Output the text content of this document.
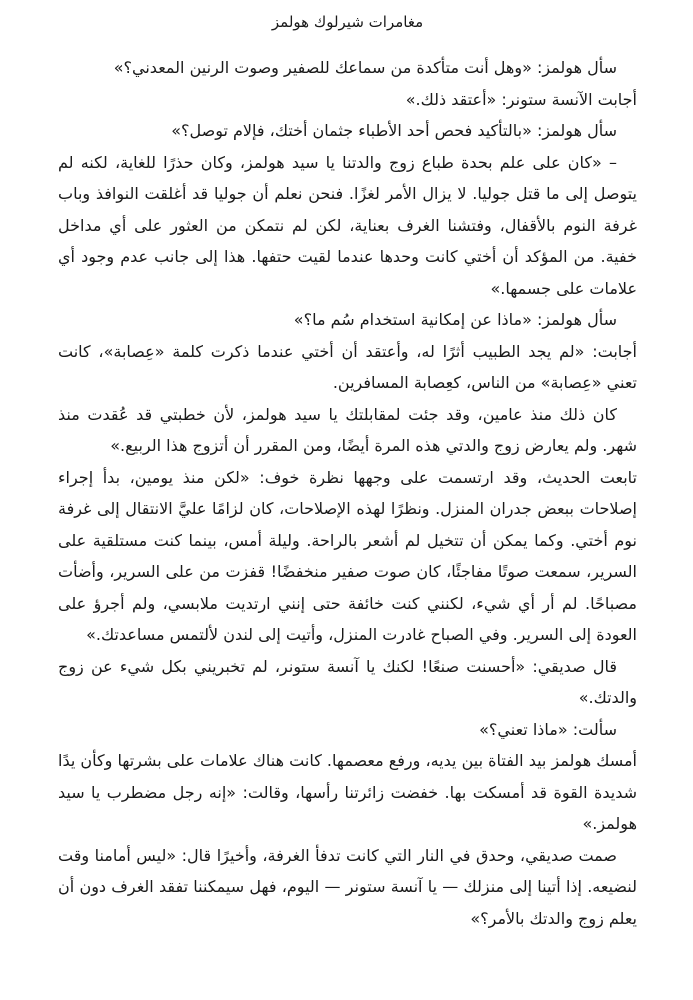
مغامرات شيرلوك هولمز

سأل هولمز: «وهل أنت متأكدة من سماعك للصفير وصوت الرنين المعدني؟»

أجابت الآنسة ستونر: «أعتقد ذلك.»

سأل هولمز: «بالتأكيد فحص أحد الأطباء جثمان أختك، فإلام توصل؟»

– «كان على علم بحدة طباع زوج والدتنا يا سيد هولمز، وكان حذرًا للغاية، لكنه لم يتوصل إلى ما قتل جوليا. لا يزال الأمر لغزًا. فنحن نعلم أن جوليا قد أغلقت النوافذ وباب غرفة النوم بالأقفال، وفتشنا الغرف بعناية، لكن لم نتمكن من العثور على أي مداخل خفية. من المؤكد أن أختي كانت وحدها عندما لقيت حتفها. هذا إلى جانب عدم وجود أي علامات على جسمها.»

سأل هولمز: «ماذا عن إمكانية استخدام سُم ما؟»

أجابت: «لم يجد الطبيب أثرًا له، وأعتقد أن أختي عندما ذكرت كلمة «عِصابة»، كانت تعني «عِصابة» من الناس، كعِصابة المسافرين.

كان ذلك منذ عامين، وقد جئت لمقابلتك يا سيد هولمز، لأن خطبتي قد عُقدت منذ شهر. ولم يعارض زوج والدتي هذه المرة أيضًا، ومن المقرر أن أتزوج هذا الربيع.»

تابعت الحديث، وقد ارتسمت على وجهها نظرة خوف: «لكن منذ يومين، بدأ إجراء إصلاحات ببعض جدران المنزل. ونظرًا لهذه الإصلاحات، كان لزامًا عليَّ الانتقال إلى غرفة نوم أختي. وكما يمكن أن تتخيل لم أشعر بالراحة. وليلة أمس، بينما كنت مستلقية على السرير، سمعت صوتًا مفاجئًا، كان صوت صفير منخفضًا! قفزت من على السرير، وأضأت مصباحًا. لم أر أي شيء، لكنني كنت خائفة حتى إنني ارتديت ملابسي، ولم أجرؤ على العودة إلى السرير. وفي الصباح غادرت المنزل، وأتيت إلى لندن لألتمس مساعدتك.»

قال صديقي: «أحسنت صنعًا! لكنك يا آنسة ستونر، لم تخبريني بكل شيء عن زوج والدتك.»

سألت: «ماذا تعني؟»

أمسك هولمز بيد الفتاة بين يديه، ورفع معصمها. كانت هناك علامات على بشرتها وكأن يدًا شديدة القوة قد أمسكت بها. خفضت زائرتنا رأسها، وقالت: «إنه رجل مضطرب يا سيد هولمز.»

صمت صديقي، وحدق في النار التي كانت تدفأ الغرفة، وأخيرًا قال: «ليس أمامنا وقت لنضيعه. إذا أتينا إلى منزلك — يا آنسة ستونر — اليوم، فهل سيمكننا تفقد الغرف دون أن يعلم زوج والدتك بالأمر؟»
